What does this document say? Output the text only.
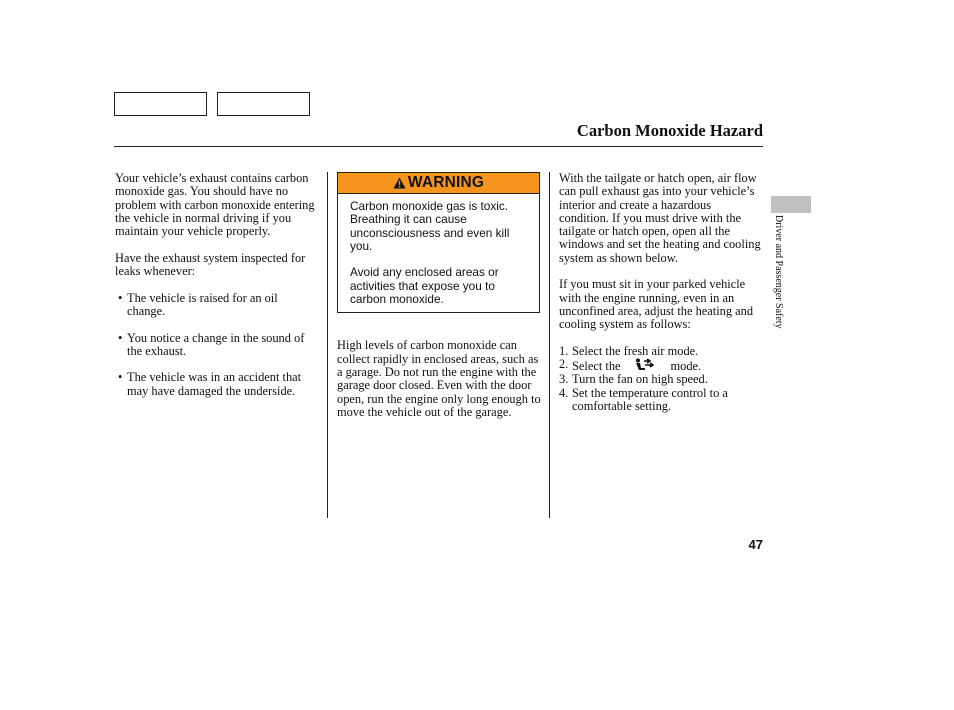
Carbon Monoxide Hazard

Your vehicle’s exhaust contains carbon monoxide gas. You should have no problem with carbon monoxide entering the vehicle in normal driving if you maintain your vehicle properly.

Have the exhaust system inspected for leaks whenever:

• The vehicle is raised for an oil change.
• You notice a change in the sound of the exhaust.
• The vehicle was in an accident that may have damaged the underside.
WARNING

Carbon monoxide gas is toxic. Breathing it can cause unconsciousness and even kill you.

Avoid any enclosed areas or activities that expose you to carbon monoxide.

High levels of carbon monoxide can collect rapidly in enclosed areas, such as a garage. Do not run the engine with the garage door closed. Even with the door open, run the engine only long enough to move the vehicle out of the garage.

With the tailgate or hatch open, air flow can pull exhaust gas into your vehicle’s interior and create a hazardous condition. If you must drive with the tailgate or hatch open, open all the windows and set the heating and cooling system as shown below.

If you must sit in your parked vehicle with the engine running, even in an unconfined area, adjust the heating and cooling system as follows:

1. Select the fresh air mode.
2. Select the	mode.
3. Turn the fan on high speed.
4. Set the temperature control to a comfortable setting.
Driver and Passenger Safety
47
